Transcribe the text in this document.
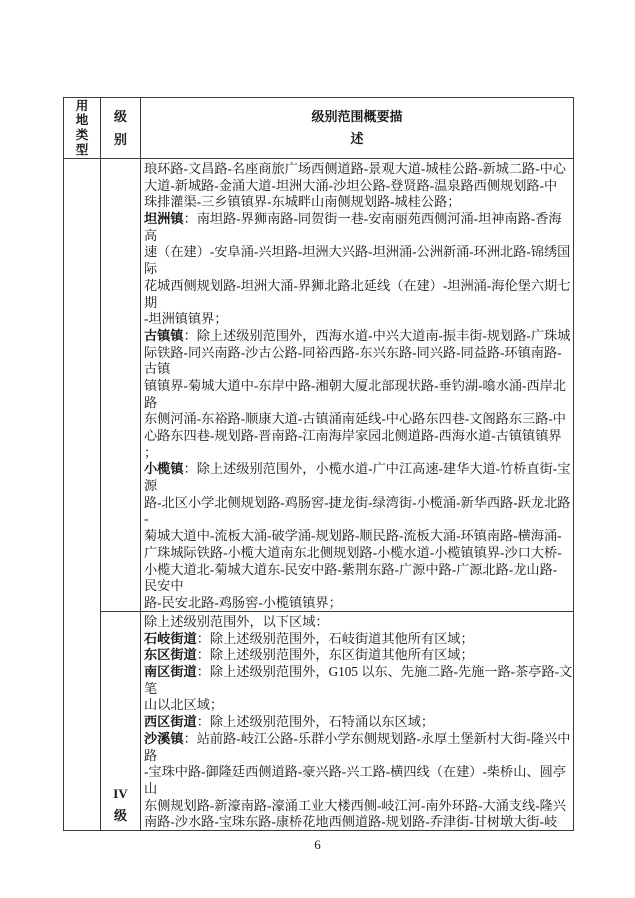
用
地
类
型
级
别
级别范围概要描
述
琅环路-文昌路-名座商旅广场西侧道路-景观大道-城桂公路-新城二路-中心
大道-新城路-金涌大道-坦洲大涌-沙坦公路-登贤路-温泉路西侧规划路-中
珠排灌渠-三乡镇镇界-东城畔山南侧规划路-城桂公路；
坦洲镇：南坦路-界狮南路-同贺街一巷-安南丽苑西侧河涌-坦神南路-香海
高
速（在建）-安阜涌-兴坦路-坦洲大兴路-坦洲涌-公洲新涌-环洲北路-锦绣国
际
花城西侧规划路-坦洲大涌-界狮北路北延线（在建）-坦洲涌-海伦堡六期七
期
-坦洲镇镇界；
古镇镇：除上述级别范围外，西海水道-中兴大道南-振丰街-规划路-广珠城
际铁路-同兴南路-沙古公路-同裕西路-东兴东路-同兴路-同益路-环镇南路-
古镇
镇镇界-菊城大道中-东岸中路-湘朝大厦北部现状路-垂钓湖-噏水涌-西岸北
路
东侧河涌-东裕路-顺康大道-古镇涌南延线-中心路东四巷-文阁路东三路-中
心路东四巷-规划路-晋南路-江南海岸家园北侧道路-西海水道-古镇镇镇界
；
小榄镇：除上述级别范围外，小榄水道-广中江高速-建华大道-竹桥直街-宝
源
路-北区小学北侧规划路-鸡肠窖-捷龙街-绿湾街-小榄涌-新华西路-跃龙北路
-
菊城大道中-流板大涌-破学涌-规划路-顺民路-流板大涌-环镇南路-横海涌-
广珠城际铁路-小榄大道南东北侧规划路-小榄水道-小榄镇镇界-沙口大桥-
小榄大道北-菊城大道东-民安中路-紫荆东路-广源中路-广源北路-龙山路-
民安中
路-民安北路-鸡肠窖-小榄镇镇界；
IV
级
除上述级别范围外，以下区域：
石岐街道：除上述级别范围外，石岐街道其他所有区域；
东区街道：除上述级别范围外，东区街道其他所有区域；
南区街道：除上述级别范围外，G105 以东、先施二路-先施一路-茶亭路-文
笔
山以北区域；
西区街道：除上述级别范围外，石特涌以东区域；
沙溪镇：站前路-岐江公路-乐群小学东侧规划路-永厚土堡新村大街-隆兴中
路
-宝珠中路-御隆廷西侧道路-豪兴路-兴工路-横四线（在建）-柴桥山、圆亭
山
东侧规划路-新濠南路-濠涌工业大楼西侧-岐江河-南外环路-大涌支线-隆兴
南路-沙水路-宝珠东路-康桥花地西侧道路-规划路-乔津街-甘树墩大街-岐
6
